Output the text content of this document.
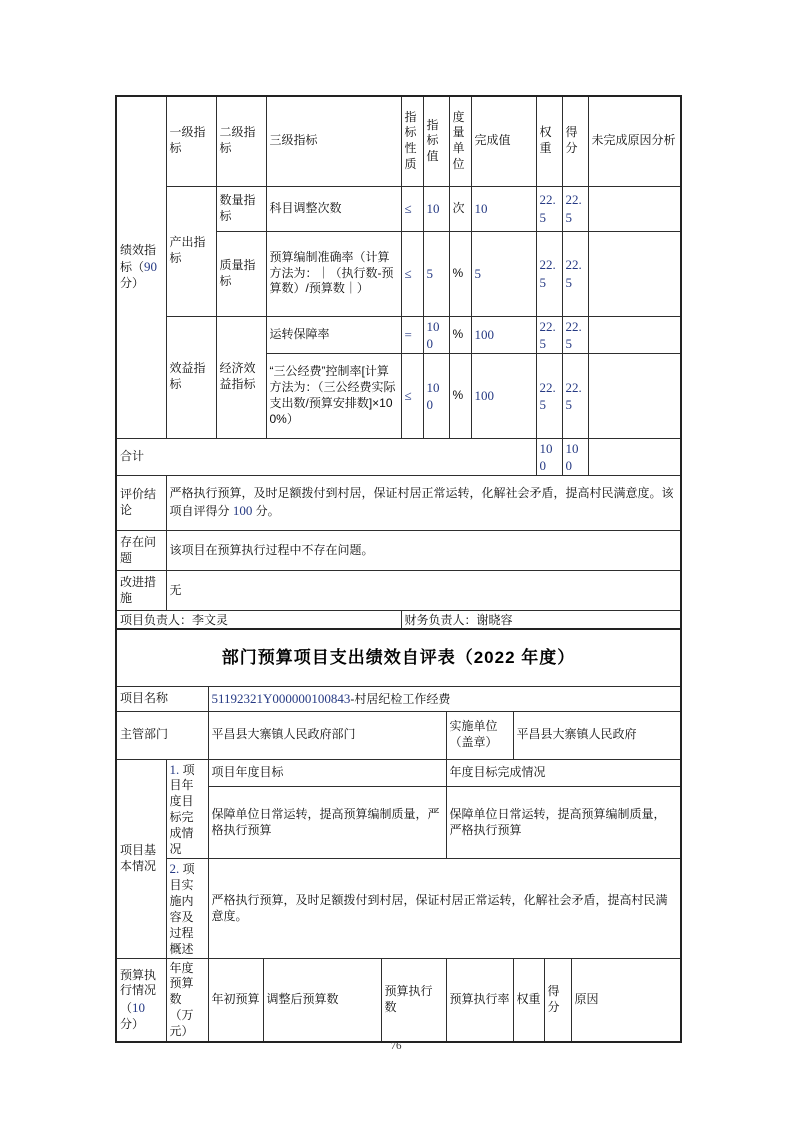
绩效指标（90分）	一级指标	二级指标	三级指标	指标性质	指标值	度量单位	完成值	权重	得分	未完成原因分析
	产出指标	数量指标	科目调整次数	≤	10	次	10	22.5	22.5	
		质量指标	预算编制准确率（计算方法为：｜（执行数-预算数）/预算数｜）	≤	5	%	5	22.5	22.5	
	效益指标	经济效益指标	运转保障率	=	100	%	100	22.5	22.5	
			“三公经费”控制率[计算方法为：（三公经费实际支出数/预算安排数]×100%）	≤	100	%	100	22.5	22.5	
合计								100	100	
评价结论	严格执行预算，及时足额拨付到村居，保证村居正常运转，化解社会矛盾，提高村民满意度。该项自评得分 100 分。									
存在问题	该项目在预算执行过程中不存在问题。									
改进措施	无									
项目负责人：李文灵				财务负责人：谢晓容						
部门预算项目支出绩效自评表（2022 年度）								
项目名称		51192321Y000000100843-村居纪检工作经费						
主管部门		平昌县大寨镇人民政府部门			实施单位（盖章）	平昌县大寨镇人民政府		
项目基本情况	1. 项目年度目标完成情况	项目年度目标			年度目标完成情况			
		保障单位日常运转，提高预算编制质量，严格执行预算			保障单位日常运转，提高预算编制质量，严格执行预算			
	2. 项目实施内容及过程概述	严格执行预算，及时足额拨付到村居，保证村居正常运转，化解社会矛盾，提高村民满意度。						
预算执行情况（10分）	年度预算数（万元）	年初预算	调整后预算数	预算执行数	预算执行率	权重	得分	原因
76
